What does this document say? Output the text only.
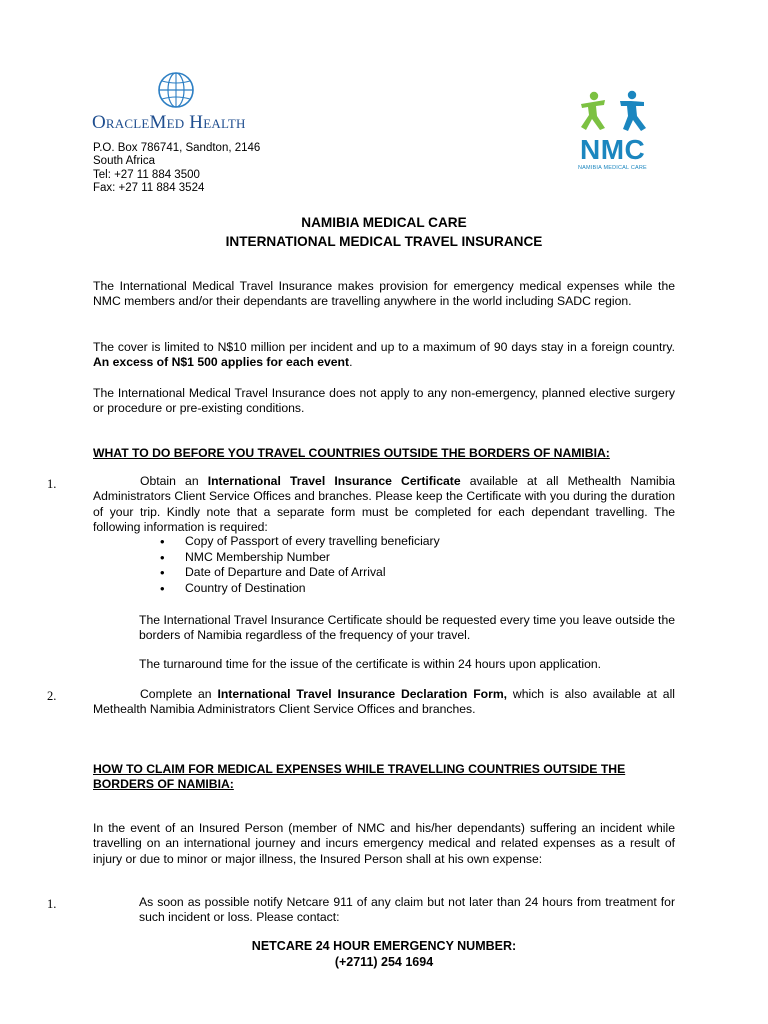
OracleMed Health
P.O. Box 786741, Sandton, 2146
South Africa
Tel: +27 11 884 3500
Fax: +27 11 884 3524
NMC
NAMIBIA MEDICAL CARE
NAMIBIA MEDICAL CARE
INTERNATIONAL MEDICAL TRAVEL INSURANCE
The International Medical Travel Insurance makes provision for emergency medical expenses while the NMC members and/or their dependants are travelling anywhere in the world including SADC region.
The cover is limited to N$10 million per incident and up to a maximum of 90 days stay in a foreign country. An excess of N$1 500 applies for each event.
The International Medical Travel Insurance does not apply to any non-emergency, planned elective surgery or procedure or pre-existing conditions.
WHAT TO DO BEFORE YOU TRAVEL COUNTRIES OUTSIDE THE BORDERS OF NAMIBIA:
1.	Obtain an International Travel Insurance Certificate available at all Methealth Namibia Administrators Client Service Offices and branches. Please keep the Certificate with you during the duration of your trip. Kindly note that a separate form must be completed for each dependant travelling. The following information is required:
• Copy of Passport of every travelling beneficiary
• NMC Membership Number
• Date of Departure and Date of Arrival
• Country of Destination
The International Travel Insurance Certificate should be requested every time you leave outside the borders of Namibia regardless of the frequency of your travel.
The turnaround time for the issue of the certificate is within 24 hours upon application.
2.	Complete an International Travel Insurance Declaration Form, which is also available at all Methealth Namibia Administrators Client Service Offices and branches.
HOW TO CLAIM FOR MEDICAL EXPENSES WHILE TRAVELLING COUNTRIES OUTSIDE THE BORDERS OF NAMIBIA:
In the event of an Insured Person (member of NMC and his/her dependants) suffering an incident while travelling on an international journey and incurs emergency medical and related expenses as a result of injury or due to minor or major illness, the Insured Person shall at his own expense:
1.	As soon as possible notify Netcare 911 of any claim but not later than 24 hours from treatment for such incident or loss. Please contact:
NETCARE 24 HOUR EMERGENCY NUMBER:
(+2711) 254 1694
